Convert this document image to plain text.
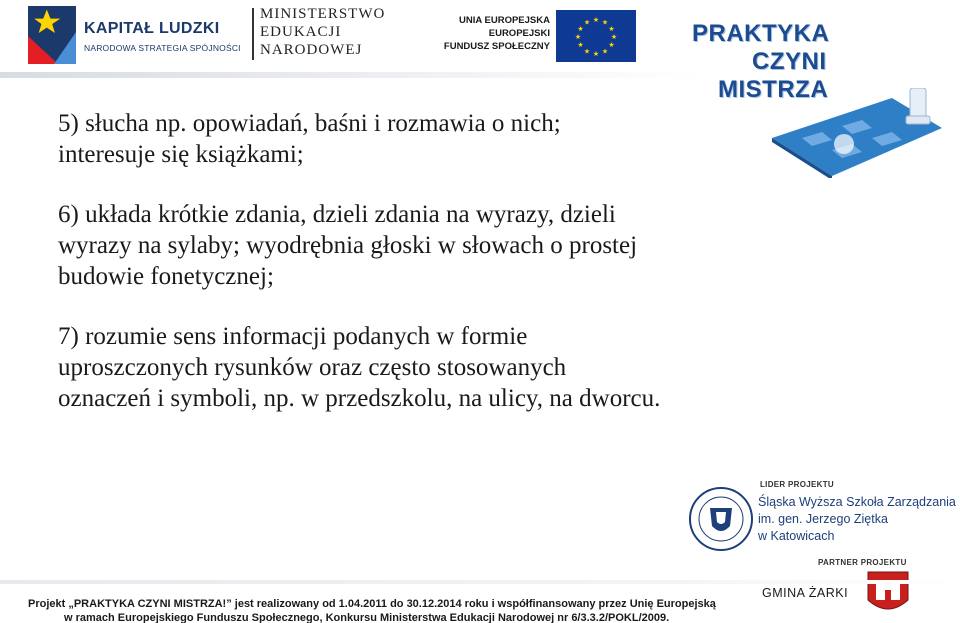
KAPITAŁ LUDZKI
NARODOWA STRATEGIA SPÓJNOŚCI
MINISTERSTWO
EDUKACJI
NARODOWEJ
UNIA EUROPEJSKA
EUROPEJSKI
FUNDUSZ SPOŁECZNY
★ ★
★
★
★
★
★
★
★
★
★
★	PRAKTYKA
CZYNI
MISTRZA
5) słucha np. opowiadań, baśni i rozmawia o nich;
interesuje się książkami;
6) układa krótkie zdania, dzieli zdania na wyrazy, dzieli
wyrazy na sylaby; wyodrębnia głoski w słowach o prostej
budowie fonetycznej;
7) rozumie sens informacji podanych w formie
uproszczonych rysunków oraz często stosowanych
oznaczeń i symboli, np. w przedszkolu, na ulicy, na dworcu.
LIDER PROJEKTU
Śląska Wyższa Szkoła Zarządzania
im. gen. Jerzego Ziętka
w Katowicach
PARTNER PROJEKTU
GMINA ŻARKI
Projekt „PRAKTYKA CZYNI MISTRZA!” jest realizowany od 1.04.2011 do 30.12.2014 roku i współfinansowany przez Unię Europejską
w ramach Europejskiego Funduszu Społecznego, Konkursu Ministerstwa Edukacji Narodowej nr 6/3.3.2/POKL/2009.
